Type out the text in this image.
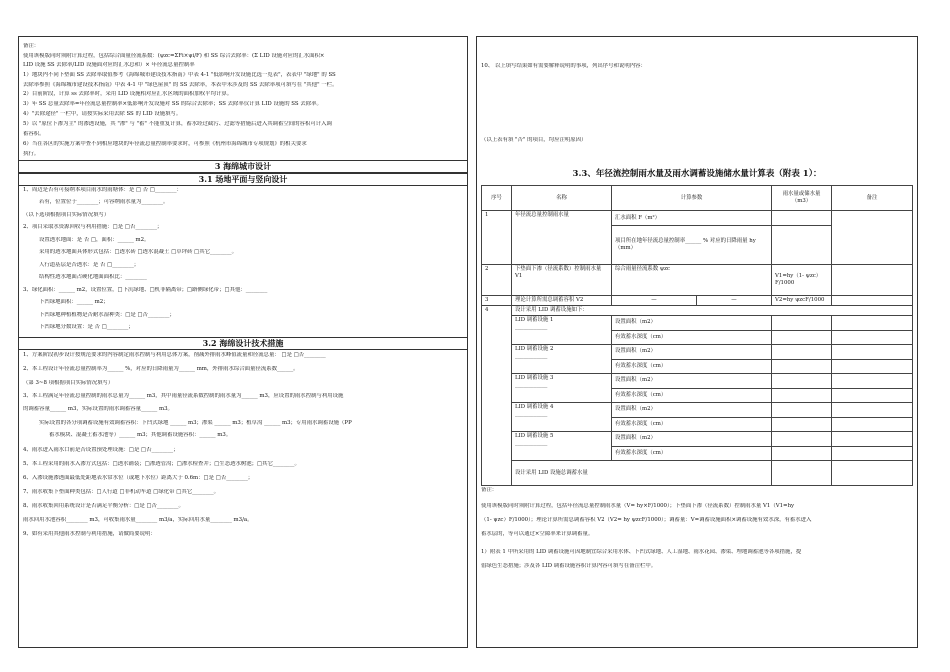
备注：
使用该模版同时须附计算过程，包括综合面量径流系数：(ψzc=ΣFi×ψi/F) 和 SS 综合去除率：(Σ LID 设施对应的汇水面积×
LID 设施 SS 去除率/LID 设施面对应的汇水总和）× 年径流总量控制率
1）地块内不同下垫面 SS 去除率取值参考《海绵城市建设技术指南》中表 4-1 "低影响开发设施比选一览表"，表表中 "绿地" 的 SS
去除率参照《海绵城市建设技术指南》中表 4-1 中 "绿色屋顶" 的 SS 去除率，本表中未涉及的 SS 去除率项可填写在 "其他" 一栏。
2）目前阶段，计算 ss 去除率时，采用 LID 设施相对应汇水区域的面积加权平均计算。
3）年 SS 总量去除率=年径流总量控制率×低影响开发设施对 SS 的综合去除率；SS 去除率仅计算 LID 设施的 SS 去除率。
4）"去除途径" 一栏中，请按实际采用去除 SS 的 LID 设施填写。
5）以 "原位下渗为主" 的渗透设施，其 "渗" 与 "蓄" 不能重复计算，蓄水经过截污、过滤等措施后进入其调蓄空间的容积可计入调
蓄容积。
6）当在各区的实施方案中查不到相应地块的年径流总量控制率要求时，可参照《杭州市海绵城市专项规划》的相关要求
执行。
3 海绵城市设计
3.1 场地平面与竖向设计
1、周边是否有可接纳本项目雨水的雨塘体：是 □ 否 □________：
若有，位置位于________；可容纳雨水量为________。
（以下选项根据项目实际情况填写）
2、项目采取水资源回收与利用措施：□是 □否________；
设置透水地面：是 否 □，面积：______ m2。
采用的透水地面具体形式包括：□透水砖 □透水混凝土 □草坪砖 □其它________。
人行道基层是否透水：是 否 □________；
结构性透水地面占硬化地面面积比：________
3、绿化面积：______ m2，设置位置，□下沉绿地、□机非隔离带；□路侧绿化带；□其他：________
下凹绿地面积：______ m2；
下凹绿地种植植物是否耐水湿种类：□是 □否________；
下凹绿地分数设置：是 否 □________；
3.2 海绵设计技术措施
1、方案阶段初步设计按规范要求的内容制定雨水控制与利用总体方案，削减外排雨水峰值流量和径流总量： □是 □否________
2、本工程设计年径流总量控制率为______ %，对应的日降雨量为______ mm，外排雨水综合面量径流系数______。
（第 3~8 项根据项目实际情况填写）
3、本工程满足年径流总量控制的雨水总量为______ m3，其中雨量径流系数控制的雨水量为______ m3，应设置的雨水控制与利用设施
的调蓄容量______ m3，实际设置的雨水调蓄容量______ m3。
实际设置的各分项调蓄设施有效调蓄容积：下凹式绿地 ______ m3；渗渠 ______ m3；植草沟 ______ m3；专用雨水调蓄设施（PP
蓄水模块、混凝土蓄水池等）______ m3；其他调蓄设施容积：______ m3。
4、雨水进入雨水口前是否设置预处理设施：□是 □否________；
5、本工程采用的雨水入渗方式包括：□透水铺装；□渗透管沟；□渗水检查井；□生态透水树池；□其它________。
6、入渗设施渗透面最低处距地表水常水位（或地下水位）距离大于 0.6m：□是 □否________；
7、雨水收集下垫面种类包括：□人行道 □非机动车道 □绿化带 □其它________。
8、雨水收集回用系统设计是否满足平衡分析：□是 □否________。
雨水回用水池容积________ m3，可收集雨水量________ m3/a，实际回用水量________ m3/a。
9、如有采用其他雨水控制与利用措施，请做简要说明：
10、 以上填写结果如有需要解释说明的事项，列出序号和说明内容：
（以上表有填 "否" 的项目，均应注明原因）
3.3、年径流控制雨水量及雨水调蓄设施储水量计算表（附表 1）：
序号	名称	计算参数		雨水量或储水量（m3）	备注
1	年径流总量控制雨水量	汇水面积 F（m²）			
		项目所在地年径流总量控制率______ % 对应的日降雨量 hy（mm）			
2	下垫面下渗（径流系数）控制雨水量 V1	综合雨量径流系数 ψzc		V1=hy（1- ψzc）F/1000	
3	理论计算所需总调蓄容积 V2	—	—	V2=hy ψzcF/1000	
4	设计采用 LID 调蓄设施如下：				
	LID 调蓄设施 1
____________	设置面积（m2）			
		有效蓄水深度（cm）			
	LID 调蓄设施 2
____________	设置面积（m2）			
		有效蓄水深度（cm）			
	LID 调蓄设施 3
____________	设置面积（m2）			
		有效蓄水深度（cm）			
	LID 调蓄设施 4
____________	设置面积（m2）			
		有效蓄水深度（cm）			
	LID 调蓄设施 5
____________	设置面积（m2）			
		有效蓄水深度（cm）			
	设计采用 LID 设施总调蓄水量				
备注：
使用该模版同时须附计算过程，包括年径流总量控制雨水量（V= hy×F/1000）；下垫面下渗（径流系数）控制雨水量 V1（V1=hy
（1- ψzc）F/1000）；理论计算所需总调蓄容积 V2（V2= hy ψzcF/1000）；调蓄量：V=调蓄设施面积×调蓄设施有效水深，有蓄水进入
蓄水层的，等可以通过×空隙率来计算调蓄量。
1）附表 1 中所采用的 LID 调蓄设施可因地制宜综合采用水体、下凹式绿地、人工湿地、雨水花园、渗渠、埋地调蓄池等各项措施，提
倡绿色生态措施；涉及各 LID 调蓄设施容积计算内容可填写在备注栏中。
